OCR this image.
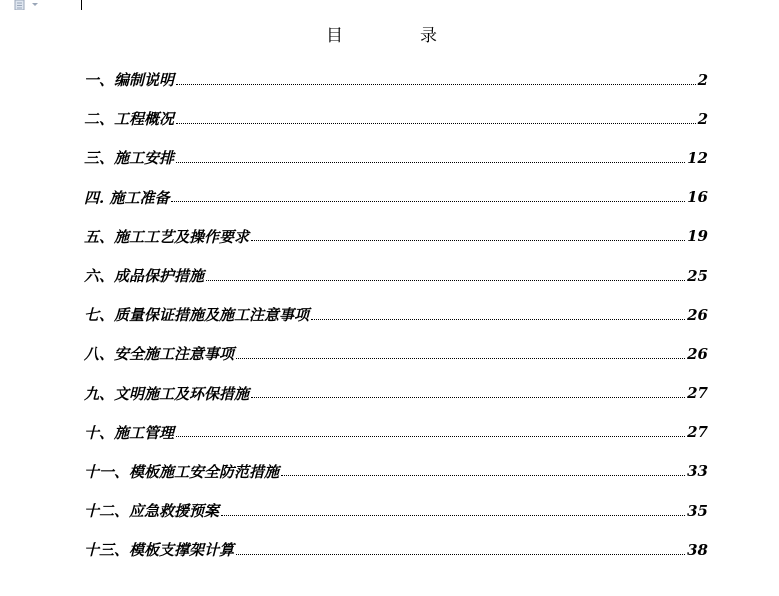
目　录
一、编制说明	2
二、工程概况	2
三、施工安排	12
四. 施工准备	16
五、施工工艺及操作要求	19
六、成品保护措施	25
七、质量保证措施及施工注意事项	26
八、安全施工注意事项	26
九、文明施工及环保措施	27
十、施工管理	27
十一、模板施工安全防范措施	33
十二、应急救援预案	35
十三、模板支撑架计算	38
